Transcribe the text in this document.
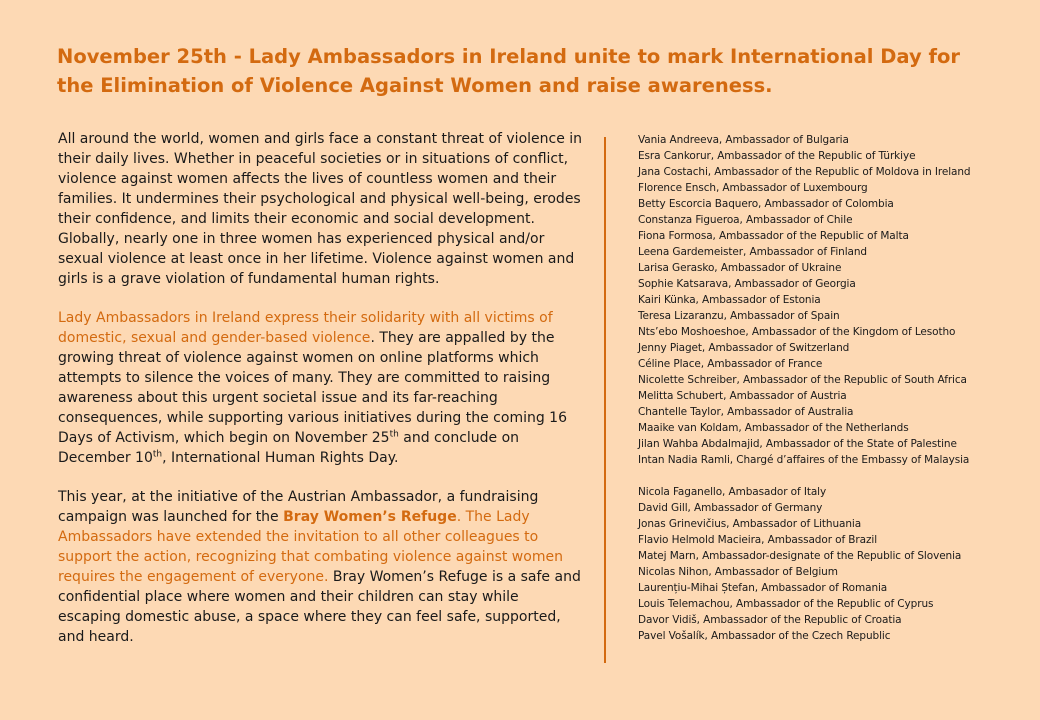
November 25th - Lady Ambassadors in Ireland unite to mark International Day for the Elimination of Violence Against Women and raise awareness.

All around the world, women and girls face a constant threat of violence in their daily lives. Whether in peaceful societies or in situations of conflict, violence against women affects the lives of countless women and their families. It undermines their psychological and physical well-being, erodes their confidence, and limits their economic and social development. Globally, nearly one in three women has experienced physical and/or sexual violence at least once in her lifetime. Violence against women and girls is a grave violation of fundamental human rights.

Lady Ambassadors in Ireland express their solidarity with all victims of domestic, sexual and gender-based violence. They are appalled by the growing threat of violence against women on online platforms which attempts to silence the voices of many. They are committed to raising awareness about this urgent societal issue and its far-reaching consequences, while supporting various initiatives during the coming 16 Days of Activism, which begin on November 25th and conclude on December 10th, International Human Rights Day.

This year, at the initiative of the Austrian Ambassador, a fundraising campaign was launched for the Bray Women’s Refuge. The Lady Ambassadors have extended the invitation to all other colleagues to support the action, recognizing that combating violence against women requires the engagement of everyone. Bray Women’s Refuge is a safe and confidential place where women and their children can stay while escaping domestic abuse, a space where they can feel safe, supported, and heard.

Vania Andreeva, Ambassador of Bulgaria
Esra Cankorur, Ambassador of the Republic of Türkiye
Jana Costachi, Ambassador of the Republic of Moldova in Ireland
Florence Ensch, Ambassador of Luxembourg
Betty Escorcia Baquero, Ambassador of Colombia
Constanza Figueroa, Ambassador of Chile
Fiona Formosa, Ambassador of the Republic of Malta
Leena Gardemeister, Ambassador of Finland
Larisa Gerasko, Ambassador of Ukraine
Sophie Katsarava, Ambassador of Georgia
Kairi Künka, Ambassador of Estonia
Teresa Lizaranzu, Ambassador of Spain
Nts’ebo Moshoeshoe, Ambassador of the Kingdom of Lesotho
Jenny Piaget, Ambassador of Switzerland
Céline Place, Ambassador of France
Nicolette Schreiber, Ambassador of the Republic of South Africa
Melitta Schubert, Ambassador of Austria
Chantelle Taylor, Ambassador of Australia
Maaike van Koldam, Ambassador of the Netherlands
Jilan Wahba Abdalmajid, Ambassador of the State of Palestine
Intan Nadia Ramli, Chargé d’affaires of the Embassy of Malaysia
Nicola Faganello, Ambasador of Italy
David Gill, Ambassador of Germany
Jonas Grinevičius, Ambassador of Lithuania
Flavio Helmold Macieira, Ambassador of Brazil
Matej Marn, Ambassador-designate of the Republic of Slovenia
Nicolas Nihon, Ambassador of Belgium
Laurențiu-Mihai Ștefan, Ambassador of Romania
Louis Telemachou, Ambassador of the Republic of Cyprus
Davor Vidiš, Ambassador of the Republic of Croatia
Pavel Vošalík, Ambassador of the Czech Republic
